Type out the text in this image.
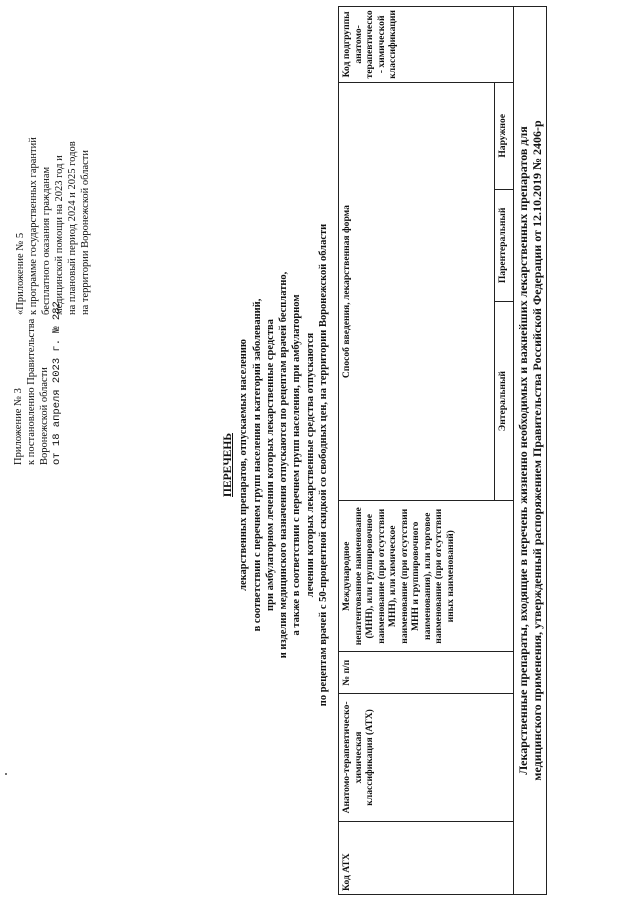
Приложение № 3 к постановлению Правительства Воронежской области от 18 апреля 2023 г. № 282
«Приложение № 5 к программе государственных гарантий бесплатного оказания гражданам медицинской помощи на 2023 год и на плановый период 2024 и 2025 годов на территории Воронежской области
ПЕРЕЧЕНЬ лекарственных препаратов, отпускаемых населению в соответствии с перечнем групп населения и категорий заболеваний, при амбулаторном лечении которых лекарственные средства и изделия медицинского назначения отпускаются по рецептам врачей бесплатно, а также в соответствии с перечнем групп населения, при амбулаторном лечении которых лекарственные средства отпускаются по рецептам врачей с 50-процентной скидкой со свободных цен, на территории Воронежской области
Код АТХ	Анатомо-терапевтическо-химическая классификация (АТХ)	№ п/п	Международное непатентованное наименование (МНН), или группировочное наименование (при отсутствии МНН), или химическое наименование (при отсутствии МНН и группировочного наименования), или торговое наименование (при отсутствии иных наименований)	Способ введения, лекарственная форма			Код подгруппы анатомо-терапевтическо - химической классификации
				Энтеральный	Парентеральный	Наружное	

Лекарственные препараты, входящие в перечень жизненно необходимых и важнейших лекарственных препаратов для медицинского применения, утвержденный распоряжением Правительства Российской Федерации от 12.10.2019 № 2406-р							
